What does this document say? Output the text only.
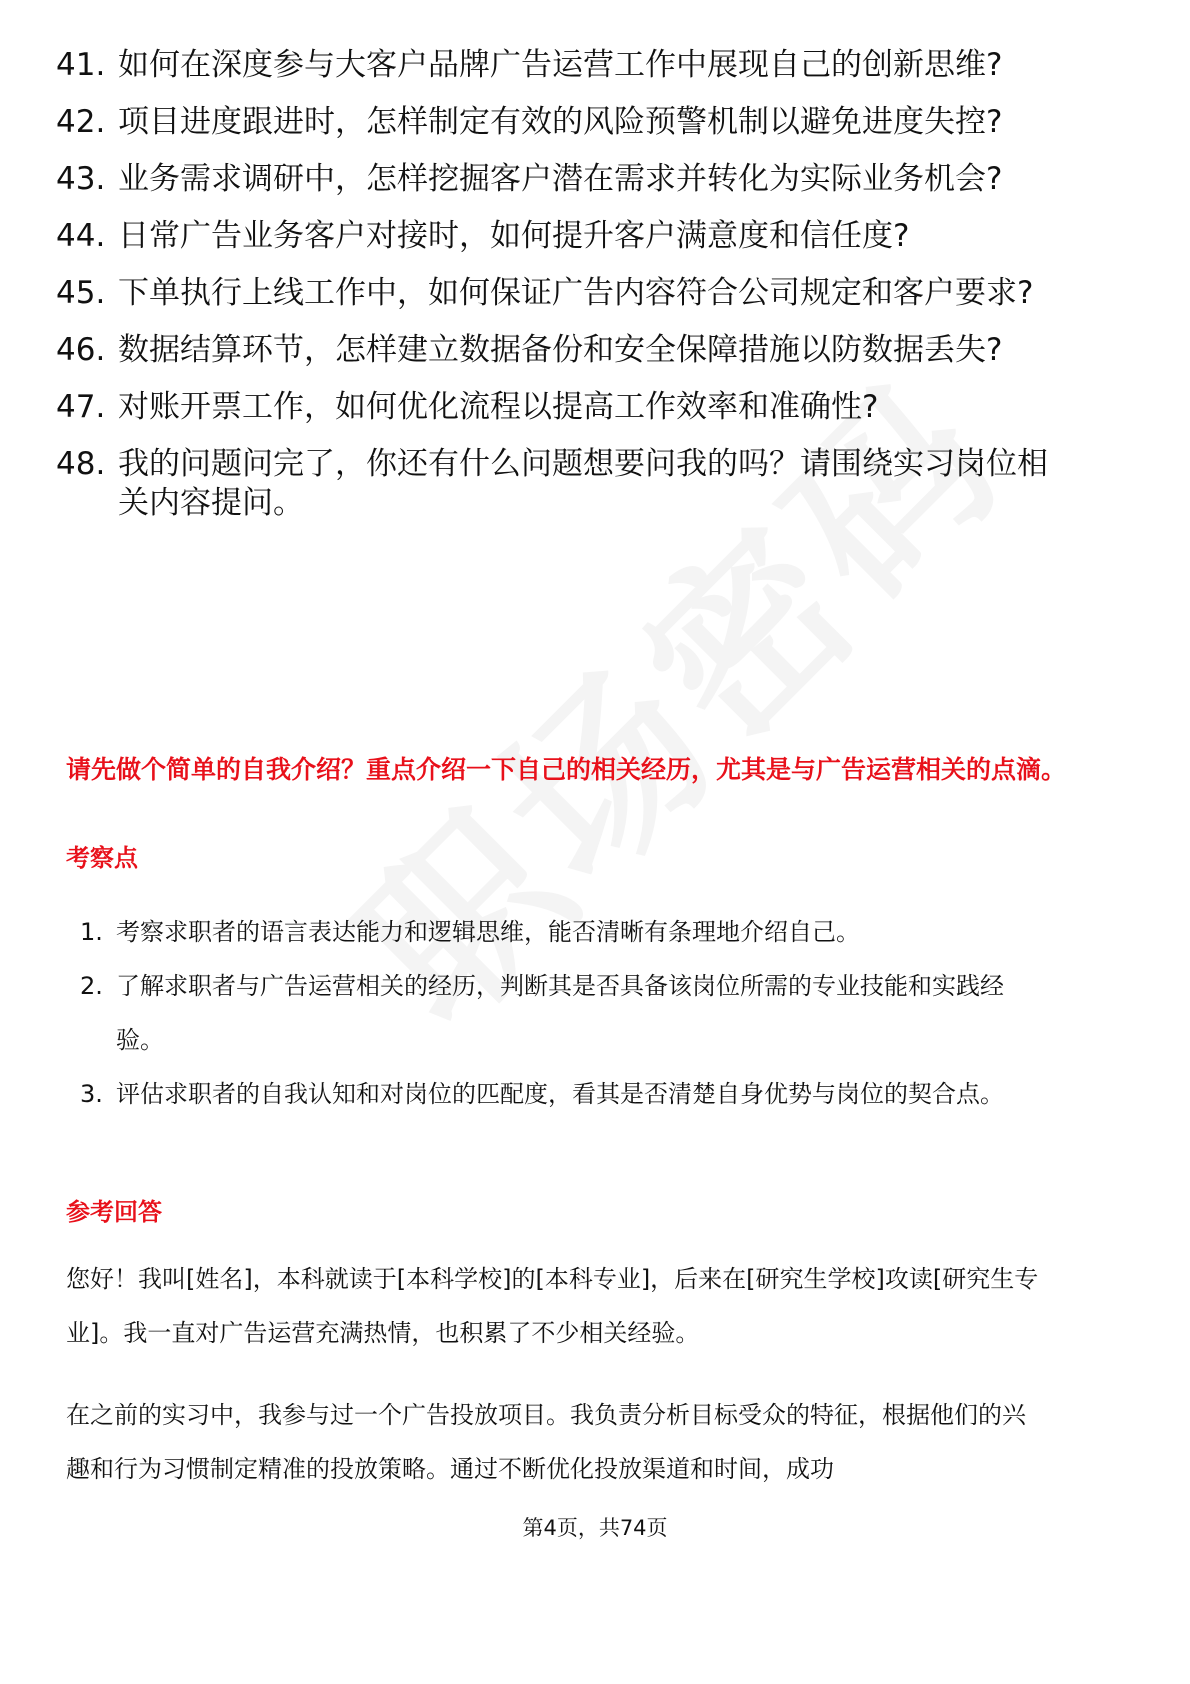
41. 如何在深度参与大客户品牌广告运营工作中展现自己的创新思维?
42. 项目进度跟进时，怎样制定有效的风险预警机制以避免进度失控?
43. 业务需求调研中，怎样挖掘客户潜在需求并转化为实际业务机会?
44. 日常广告业务客户对接时，如何提升客户满意度和信任度?
45. 下单执行上线工作中，如何保证广告内容符合公司规定和客户要求?
46. 数据结算环节，怎样建立数据备份和安全保障措施以防数据丢失?
47. 对账开票工作，如何优化流程以提高工作效率和准确性?
48. 我的问题问完了，你还有什么问题想要问我的吗？请围绕实习岗位相关内容提问。
请先做个简单的自我介绍？重点介绍一下自己的相关经历，尤其是与广告运营相关的点滴。
考察点
1. 考察求职者的语言表达能力和逻辑思维，能否清晰有条理地介绍自己。
2. 了解求职者与广告运营相关的经历，判断其是否具备该岗位所需的专业技能和实践经验。
3. 评估求职者的自我认知和对岗位的匹配度，看其是否清楚自身优势与岗位的契合点。
参考回答
您好！我叫[姓名]，本科就读于[本科学校]的[本科专业]，后来在[研究生学校]攻读[研究生专业]。我一直对广告运营充满热情，也积累了不少相关经验。
在之前的实习中，我参与过一个广告投放项目。我负责分析目标受众的特征，根据他们的兴趣和行为习惯制定精准的投放策略。通过不断优化投放渠道和时间，成功
第4页，共74页
